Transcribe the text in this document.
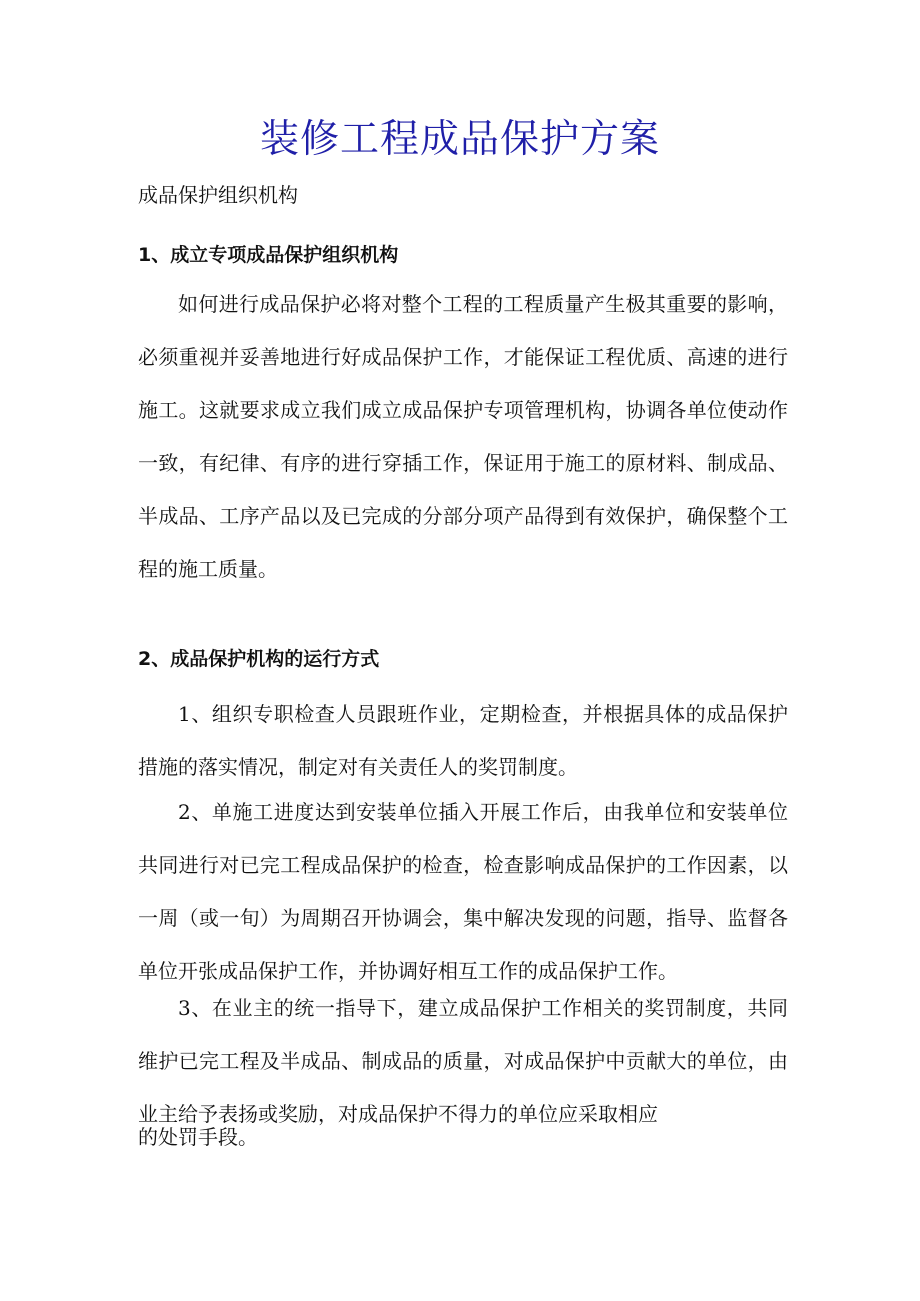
装修工程成品保护方案
成品保护组织机构
1、成立专项成品保护组织机构

如何进行成品保护必将对整个工程的工程质量产生极其重要的影响，必须重视并妥善地进行好成品保护工作，才能保证工程优质、高速的进行施工。这就要求成立我们成立成品保护专项管理机构，协调各单位使动作一致，有纪律、有序的进行穿插工作，保证用于施工的原材料、制成品、半成品、工序产品以及已完成的分部分项产品得到有效保护，确保整个工程的施工质量。

2、成品保护机构的运行方式

1、组织专职检查人员跟班作业，定期检查，并根据具体的成品保护措施的落实情况，制定对有关责任人的奖罚制度。

2、单施工进度达到安装单位插入开展工作后，由我单位和安装单位共同进行对已完工程成品保护的检查，检查影响成品保护的工作因素，以一周（或一旬）为周期召开协调会，集中解决发现的问题，指导、监督各单位开张成品保护工作，并协调好相互工作的成品保护工作。

3、在业主的统一指导下，建立成品保护工作相关的奖罚制度，共同维护已完工程及半成品、制成品的质量，对成品保护中贡献大的单位，由业主给予表扬或奖励，对成品保护不得力的单位应采取相应

的处罚手段。
